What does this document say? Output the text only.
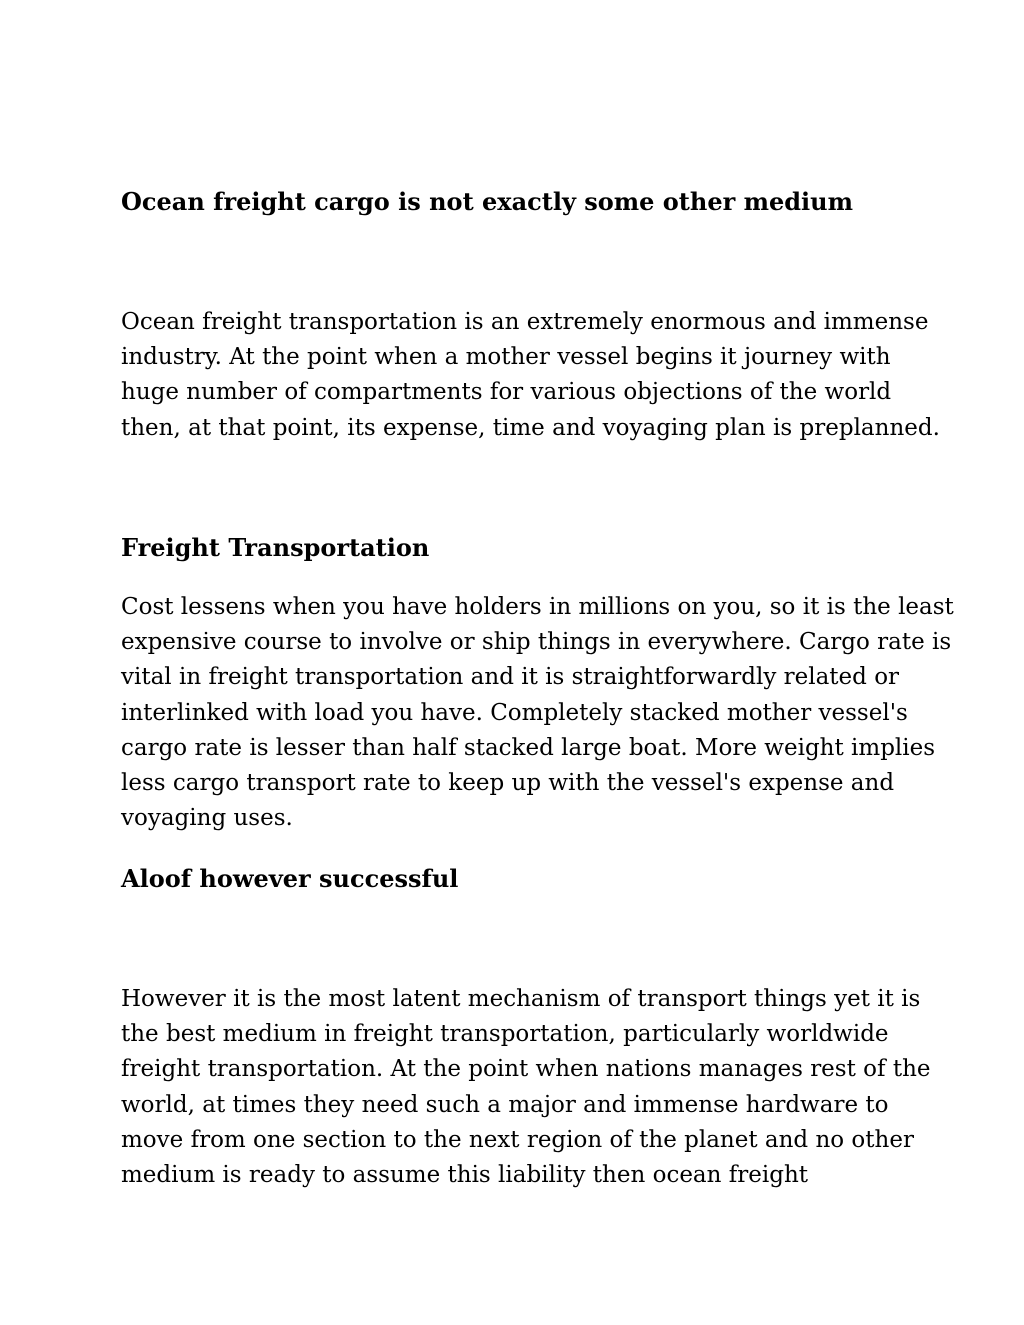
Ocean freight cargo is not exactly some other medium
Ocean freight transportation is an extremely enormous and immense
industry. At the point when a mother vessel begins it journey with
huge number of compartments for various objections of the world
then, at that point, its expense, time and voyaging plan is preplanned.
Freight Transportation
Cost lessens when you have holders in millions on you, so it is the least
expensive course to involve or ship things in everywhere. Cargo rate is
vital in freight transportation and it is straightforwardly related or
interlinked with load you have. Completely stacked mother vessel's
cargo rate is lesser than half stacked large boat. More weight implies
less cargo transport rate to keep up with the vessel's expense and
voyaging uses.
Aloof however successful
However it is the most latent mechanism of transport things yet it is
the best medium in freight transportation, particularly worldwide
freight transportation. At the point when nations manages rest of the
world, at times they need such a major and immense hardware to
move from one section to the next region of the planet and no other
medium is ready to assume this liability then ocean freight
